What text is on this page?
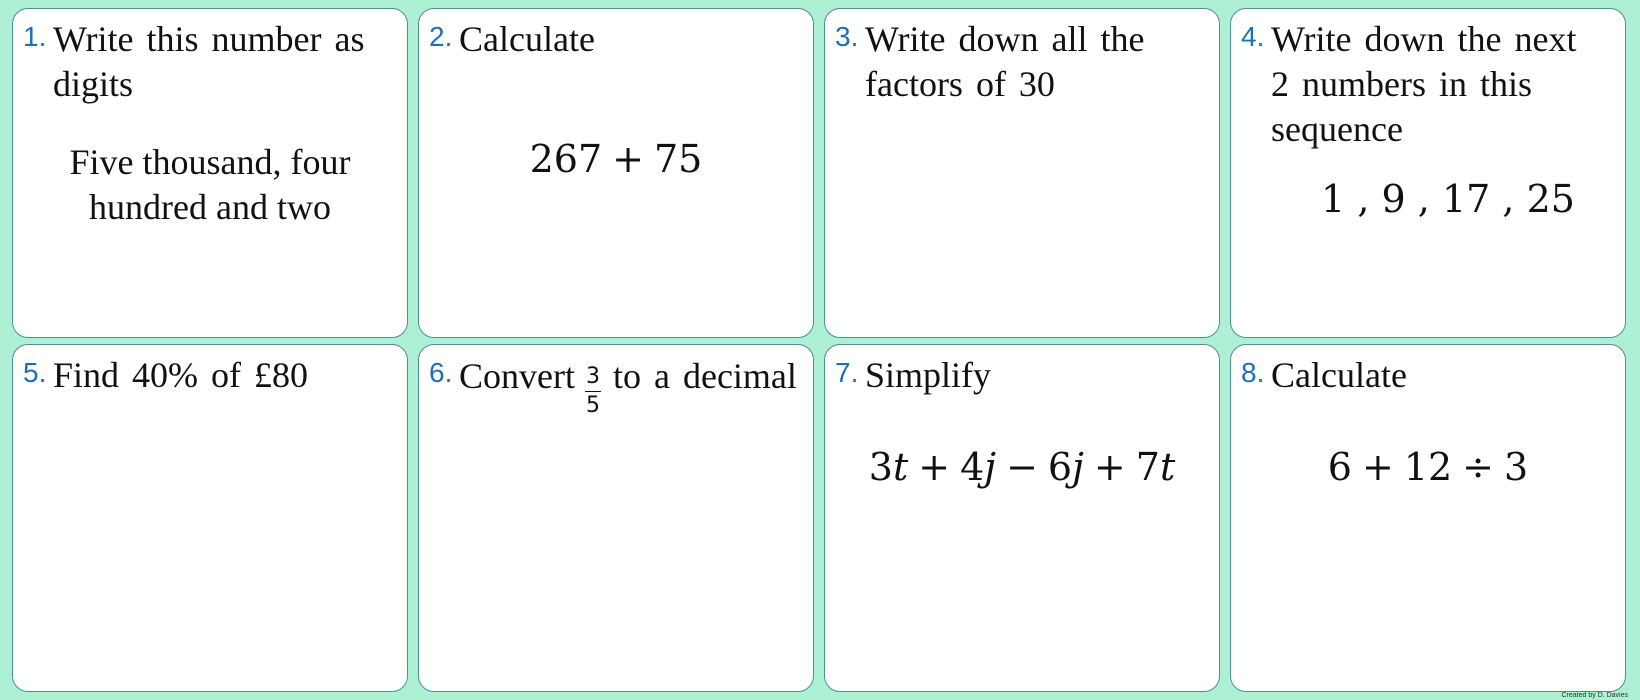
1. Write this number as digits
Five thousand, four hundred and two
2. Calculate
267 + 75
3. Write down all the factors of 30
4. Write down the next 2 numbers in this sequence
1 , 9 , 17 , 25
5. Find 40% of £80	6. Convert $\frac{3}{5}$ to a decimal	7. Simplify
3t + 4j − 6j + 7t
8. Calculate
6 + 12 ÷ 3
Created by D. Davies
